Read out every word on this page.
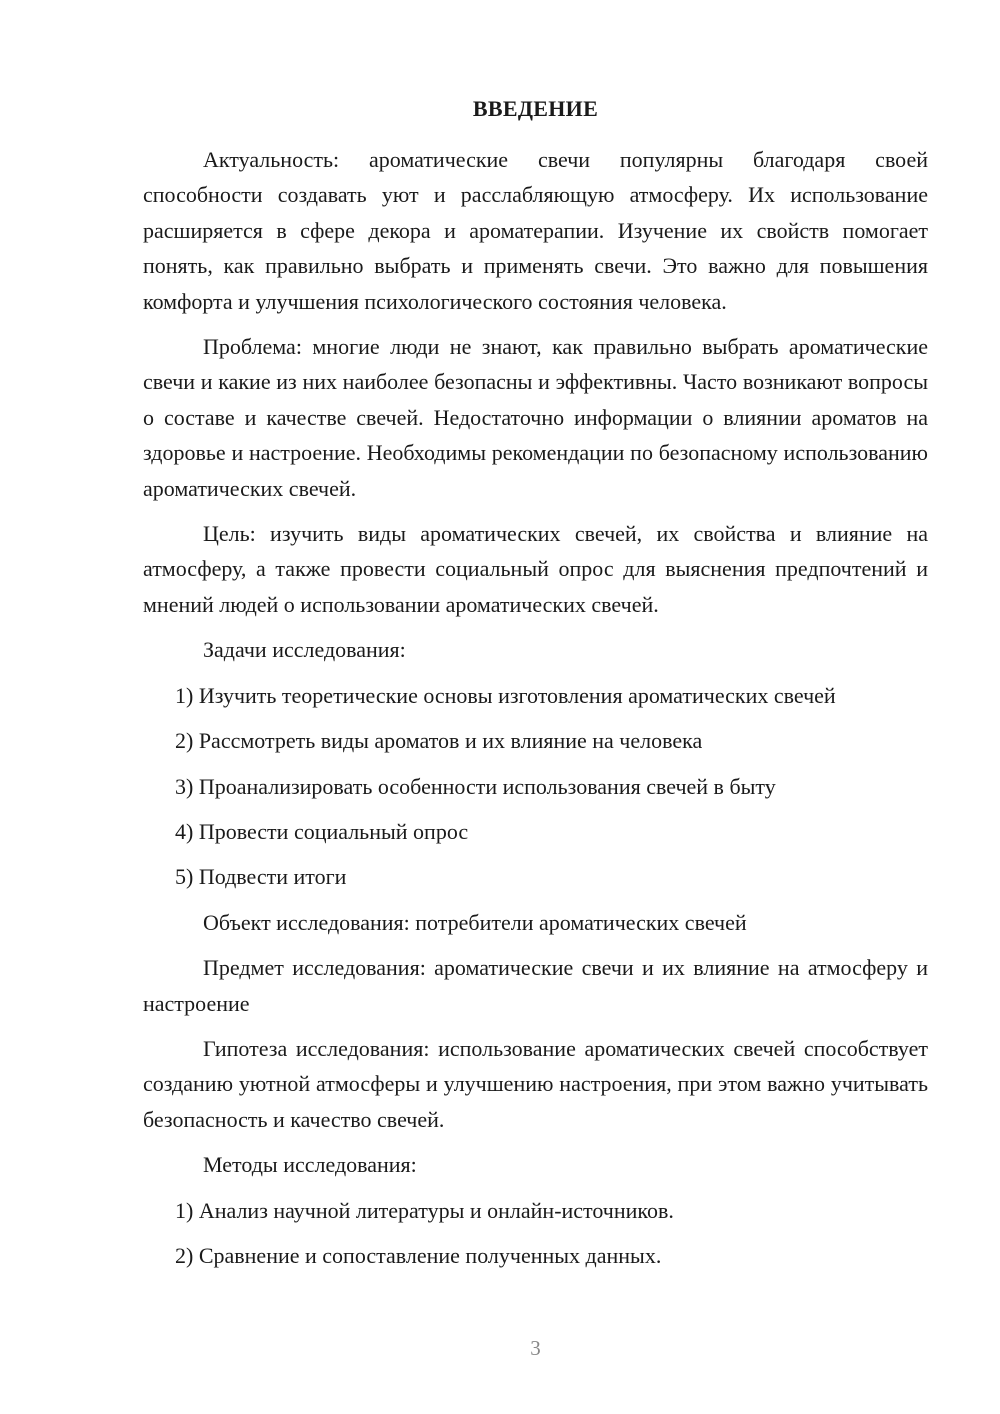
ВВЕДЕНИЕ

Актуальность: ароматические свечи популярны благодаря своей способности создавать уют и расслабляющую атмосферу. Их использование расширяется в сфере декора и ароматерапии. Изучение их свойств помогает понять, как правильно выбрать и применять свечи. Это важно для повышения комфорта и улучшения психологического состояния человека.

Проблема: многие люди не знают, как правильно выбрать ароматические свечи и какие из них наиболее безопасны и эффективны. Часто возникают вопросы о составе и качестве свечей. Недостаточно информации о влиянии ароматов на здоровье и настроение. Необходимы рекомендации по безопасному использованию ароматических свечей.

Цель: изучить виды ароматических свечей, их свойства и влияние на атмосферу, а также провести социальный опрос для выяснения предпочтений и мнений людей о использовании ароматических свечей.

Задачи исследования:

1) Изучить теоретические основы изготовления ароматических свечей

2) Рассмотреть виды ароматов и их влияние на человека

3) Проанализировать особенности использования свечей в быту

4) Провести социальный опрос

5) Подвести итоги

Объект исследования: потребители ароматических свечей

Предмет исследования: ароматические свечи и их влияние на атмосферу и настроение

Гипотеза исследования: использование ароматических свечей способствует созданию уютной атмосферы и улучшению настроения, при этом важно учитывать безопасность и качество свечей.

Методы исследования:

1) Анализ научной литературы и онлайн-источников.

2) Сравнение и сопоставление полученных данных.

3
